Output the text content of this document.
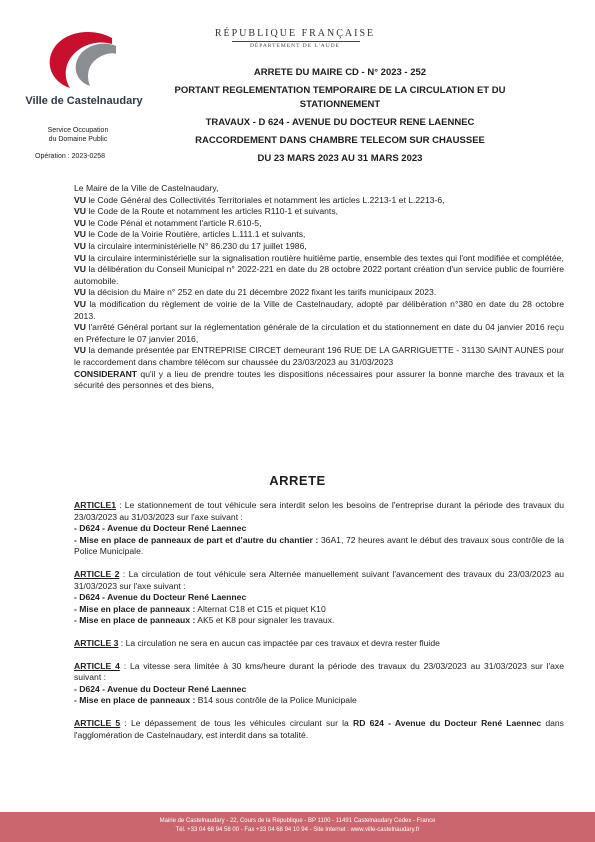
Ville de Castelnaudary
Service Occupation
du Domaine Public
Opération : 2023-0258
RÉPUBLIQUE FRANÇAISE
DÉPARTEMENT DE L'AUDE
ARRETE DU MAIRE CD - N° 2023 - 252
PORTANT REGLEMENTATION TEMPORAIRE DE LA CIRCULATION ET DU
STATIONNEMENT
TRAVAUX - D 624 - AVENUE DU DOCTEUR RENE LAENNEC
RACCORDEMENT DANS CHAMBRE TELECOM SUR CHAUSSEE
DU 23 MARS 2023 AU 31 MARS 2023

Le Maire de la Ville de Castelnaudary,

VU le Code Général des Collectivités Territoriales et notamment les articles L.2213-1 et L.2213-6,

VU le Code de la Route et notamment les articles R110-1 et suivants,

VU le Code Pénal et notamment l'article R.610-5,

VU le Code de la Voirie Routière, articles L.111.1 et suivants,

VU la circulaire interministérielle N° 86.230 du 17 juillet 1986,

VU la circulaire interministérielle sur la signalisation routière huitième partie, ensemble des textes qui l'ont modifiée et complétée,

VU la délibération du Conseil Municipal n° 2022-221 en date du 28 octobre 2022 portant création d'un service public de fourrière automobile.

VU la décision du Maire n° 252 en date du 21 décembre 2022 fixant les tarifs municipaux 2023.

VU la modification du règlement de voirie de la Ville de Castelnaudary, adopté par délibération n°380 en date du 28 octobre 2013.

VU l'arrêté Général portant sur la réglementation générale de la circulation et du stationnement en date du 04 janvier 2016 reçu en Préfecture le 07 janvier 2016,

VU la demande présentée par ENTREPRISE CIRCET demeurant 196 RUE DE LA GARRIGUETTE - 31130 SAINT AUNES pour le raccordement dans chambre télécom sur chaussée du 23/03/2023 au 31/03/2023

CONSIDERANT qu'il y a lieu de prendre toutes les dispositions nécessaires pour assurer la bonne marche des travaux et la sécurité des personnes et des biens,

ARRETE

ARTICLE1 : Le stationnement de tout véhicule sera interdit selon les besoins de l'entreprise durant la période des travaux du 23/03/2023 au 31/03/2023 sur l'axe suivant :

- D624 - Avenue du Docteur René Laennec

- Mise en place de panneaux de part et d'autre du chantier : 36A1, 72 heures avant le début des travaux sous contrôle de la Police Municipale.

ARTICLE 2 : La circulation de tout véhicule sera Alternée manuellement suivant l'avancement des travaux du 23/03/2023 au 31/03/2023 sur l'axe suivant :

- D624 - Avenue du Docteur René Laennec

- Mise en place de panneaux : Alternat C18 et C15 et piquet K10

- Mise en place de panneaux : AK5 et K8 pour signaler les travaux.

ARTICLE 3 : La circulation ne sera en aucun cas impactée par ces travaux et devra rester fluide

ARTICLE 4 : La vitesse sera limitée à 30 kms/heure durant la période des travaux du 23/03/2023 au 31/03/2023 sur l'axe suivant :

- D624 - Avenue du Docteur René Laennec

- Mise en place de panneaux : B14 sous contrôle de la Police Municipale

ARTICLE 5 : Le dépassement de tous les véhicules circulant sur la RD 624 - Avenue du Docteur René Laennec dans l'agglomération de Castelnaudary, est interdit dans sa totalité.

Mairie de Castelnaudary - 22, Cours de la République - BP 1100 - 11491 Castelnaudary Cedex - France
Tél. +33 04 68 94 58 00 - Fax +33 04 68 94 10 94 - Site Internet : www.ville-castelnaudary.fr
